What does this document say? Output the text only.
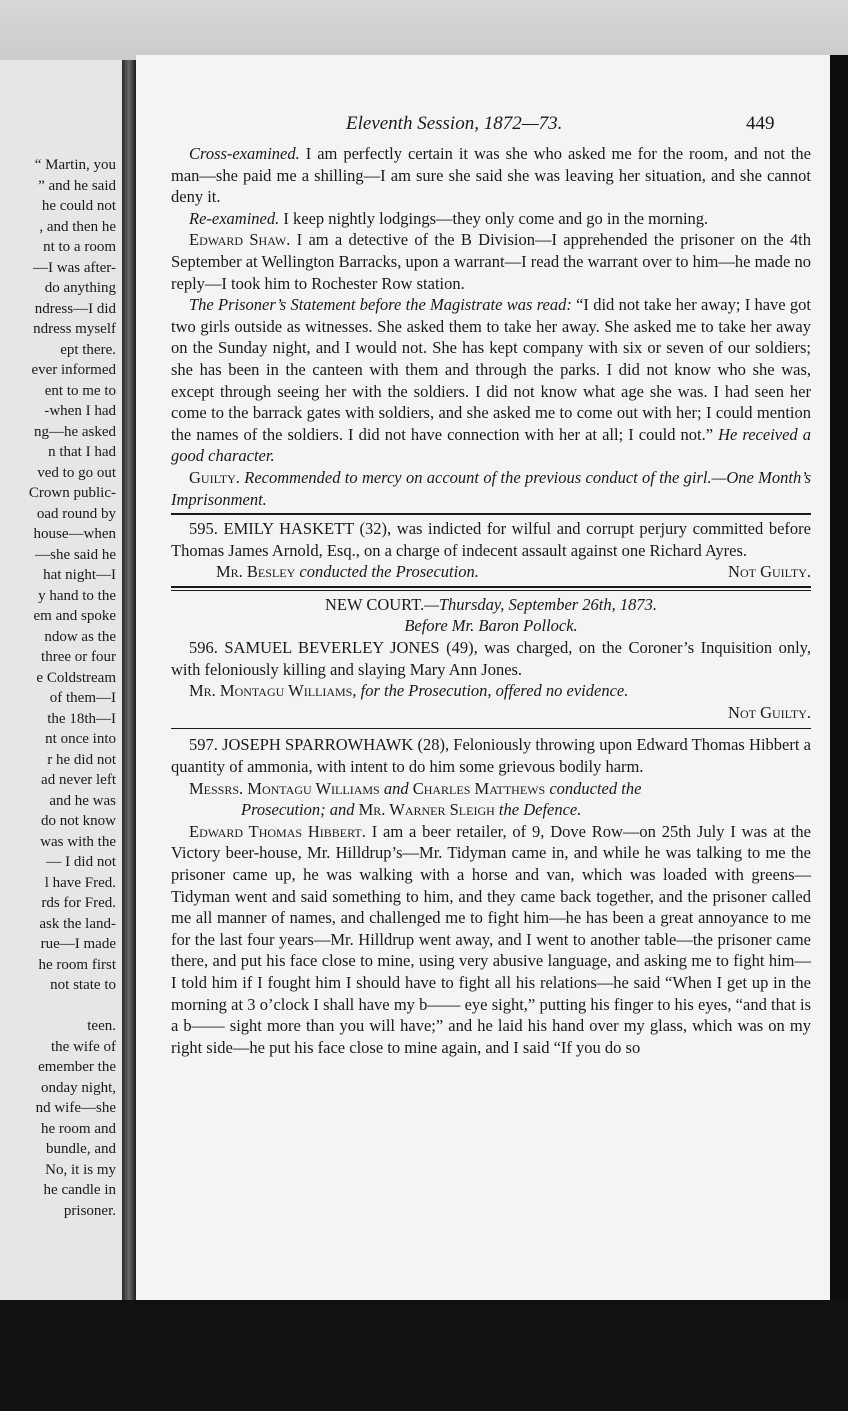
“ Martin, you
” and he said
he could not
, and then he
nt to a room
—I was after-
do anything
ndress—I did
ndress myself
ept there.
ever informed
ent to me to
-when I had
ng—he asked
n that I had
ved to go out
Crown public-
oad round by
house—when
—she said he
hat night—I
y hand to the
em and spoke
ndow as the
three or four
e Coldstream
of them—I
the 18th—I
nt once into
r he did not
ad never left
and he was
do not know
was with the
— I did not
l have Fred.
rds for Fred.
ask the land-
rue—I made
he room first
not state to

teen.
the wife of
emember the
onday night,
nd wife—she
he room and
bundle, and
No, it is my
he candle in
prisoner.
Eleventh Session, 1872—73.	449

Cross-examined. I am perfectly certain it was she who asked me for the room, and not the man—she paid me a shilling—I am sure she said she was leaving her situation, and she cannot deny it.

Re-examined. I keep nightly lodgings—they only come and go in the morning.

Edward Shaw. I am a detective of the B Division—I apprehended the prisoner on the 4th September at Wellington Barracks, upon a warrant—I read the warrant over to him—he made no reply—I took him to Rochester Row station.

The Prisoner’s Statement before the Magistrate was read: “I did not take her away; I have got two girls outside as witnesses. She asked them to take her away. She asked me to take her away on the Sunday night, and I would not. She has kept company with six or seven of our soldiers; she has been in the canteen with them and through the parks. I did not know who she was, except through seeing her with the soldiers. I did not know what age she was. I had seen her come to the barrack gates with soldiers, and she asked me to come out with her; I could mention the names of the soldiers. I did not have connection with her at all; I could not.” He received a good character.

Guilty. Recommended to mercy on account of the previous conduct of the girl.—One Month’s Imprisonment.

595. EMILY HASKETT (32), was indicted for wilful and corrupt perjury committed before Thomas James Arnold, Esq., on a charge of indecent assault against one Richard Ayres.

Mr. Besley conducted the Prosecution.	Not Guilty.
NEW COURT.—Thursday, September 26th, 1873.
Before Mr. Baron Pollock.

596. SAMUEL BEVERLEY JONES (49), was charged, on the Coroner’s Inquisition only, with feloniously killing and slaying Mary Ann Jones.

Mr. Montagu Williams, for the Prosecution, offered no evidence.

Not Guilty.

597. JOSEPH SPARROWHAWK (28), Feloniously throwing upon Edward Thomas Hibbert a quantity of ammonia, with intent to do him some grievous bodily harm.

Messrs. Montagu Williams and Charles Matthews conducted the

Prosecution; and Mr. Warner Sleigh the Defence.

Edward Thomas Hibbert. I am a beer retailer, of 9, Dove Row—on 25th July I was at the Victory beer-house, Mr. Hilldrup’s—Mr. Tidyman came in, and while he was talking to me the prisoner came up, he was walking with a horse and van, which was loaded with greens—Tidyman went and said something to him, and they came back together, and the prisoner called me all manner of names, and challenged me to fight him—he has been a great annoyance to me for the last four years—Mr. Hilldrup went away, and I went to another table—the prisoner came there, and put his face close to mine, using very abusive language, and asking me to fight him—I told him if I fought him I should have to fight all his relations—he said “When I get up in the morning at 3 o’clock I shall have my b—— eye sight,” putting his finger to his eyes, “and that is a b—— sight more than you will have;” and he laid his hand over my glass, which was on my right side—he put his face close to mine again, and I said “If you do so
